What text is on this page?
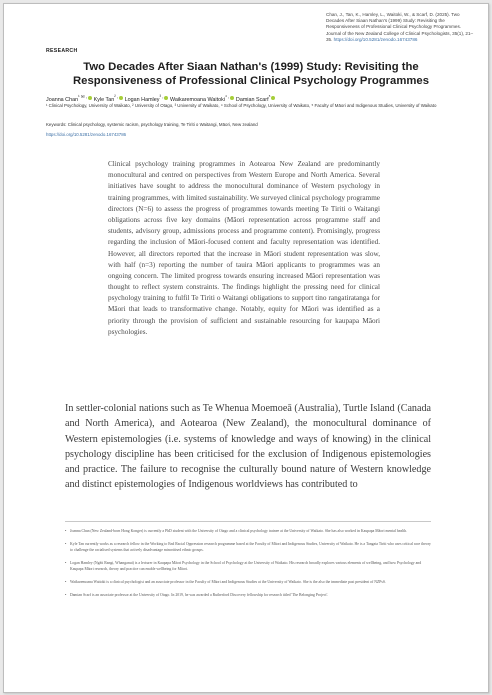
Chan, J., Tan, K., Hamley, L., Waitoki, W., & Scarf, D. (2025). Two Decades After Siaan Nathan's (1999) Study: Revisiting the Responsiveness of Professional Clinical Psychology Programmes. Journal of the New Zealand College of Clinical Psychologists, 35(1), 21–35. https://doi.org/10.5281/zenodo.16743786
RESEARCH
Two Decades After Siaan Nathan's (1999) Study: Revisiting the Responsiveness of Professional Clinical Psychology Programmes
Joanna Chan$^{^1 ✉ ,}$ Kyle Tan$^{^2 ,}$ Logan Hamley$^{^3 ,}$ Waikaremoana Waitoki$^{^4 ,}$ Damian Scarf$^{^5}$
¹ Clinical Psychology, University of Waikato, ² University of Otago, ³ University of Waikato, ⁴ School of Psychology, University of Waikato, ⁵ Faculty of Māori and Indigenous Studies, University of Waikato
Keywords: Clinical psychology, systemic racism, psychology training, Te Tiriti o Waitangi, Māori, New zealand
https://doi.org/10.5281/zenodo.16743786

Clinical psychology training programmes in Aotearoa New Zealand are predominantly monocultural and centred on perspectives from Western Europe and North America. Several initiatives have sought to address the monocultural dominance of Western psychology in training programmes, with limited sustainability. We surveyed clinical psychology programme directors (N=6) to assess the progress of programmes towards meeting Te Tiriti o Waitangi obligations across five key domains (Māori representation across programme staff and students, advisory group, admissions process and programme content). Promisingly, progress regarding the inclusion of Māori-focused content and faculty representation was identified. However, all directors reported that the increase in Māori student representation was slow, with half (n=3) reporting the number of tauira Māori applicants to programmes was an ongoing concern. The limited progress towards ensuring increased Māori representation was thought to reflect system constraints. The findings highlight the pressing need for clinical psychology training to fulfil Te Tiriti o Waitangi obligations to support tino rangatiratanga for Māori that leads to transformative change. Notably, equity for Māori was identified as a priority through the provision of sufficient and sustainable resourcing for kaupapa Māori psychologies.

In settler-colonial nations such as Te Whenua Moemoeā (Australia), Turtle Island (Canada and North America), and Aotearoa (New Zealand), the monocultural dominance of Western epistemologies (i.e. systems of knowledge and ways of knowing) in the clinical psychology discipline has been criticised for the exclusion of Indigenous epistemologies and practice. The failure to recognise the culturally bound nature of Western knowledge and distinct epistemologies of Indigenous worldviews has contributed to

• Joanna Chan (New Zealand-born Hong Konger) is currently a PhD student with the University of Otago and a clinical psychology trainee at the University of Waikato. She has also worked in Kaupapa Māori mental health.

• Kyle Tan currently works as a research fellow in the Working to End Racial Oppression research programme based at the Faculty of Māori and Indigenous Studies, University of Waikato. He is a Tangata Tiriti who uses critical race theory to challenge the racialised systems that actively disadvantage minoritised ethnic groups.

• Logan Hamley (Ngāti Rangi, Whanganui) is a lecturer in Kaupapa Māori Psychology in the School of Psychology at the University of Waikato. His research broadly explores various elements of wellbeing, and how Psychology and Kaupapa Māori research, theory and practice can enable wellbeing for Māori.

• Waikaremoana Waitoki is a clinical psychologist and an associate professor in the Faculty of Māori and Indigenous Studies at the University of Waikato. She is the also the immediate past president of NZPsS.

• Damian Scarf is an associate professor at the University of Otago. In 2019, he was awarded a Rutherford Discovery fellowship for research titled 'The Belonging Project'.
